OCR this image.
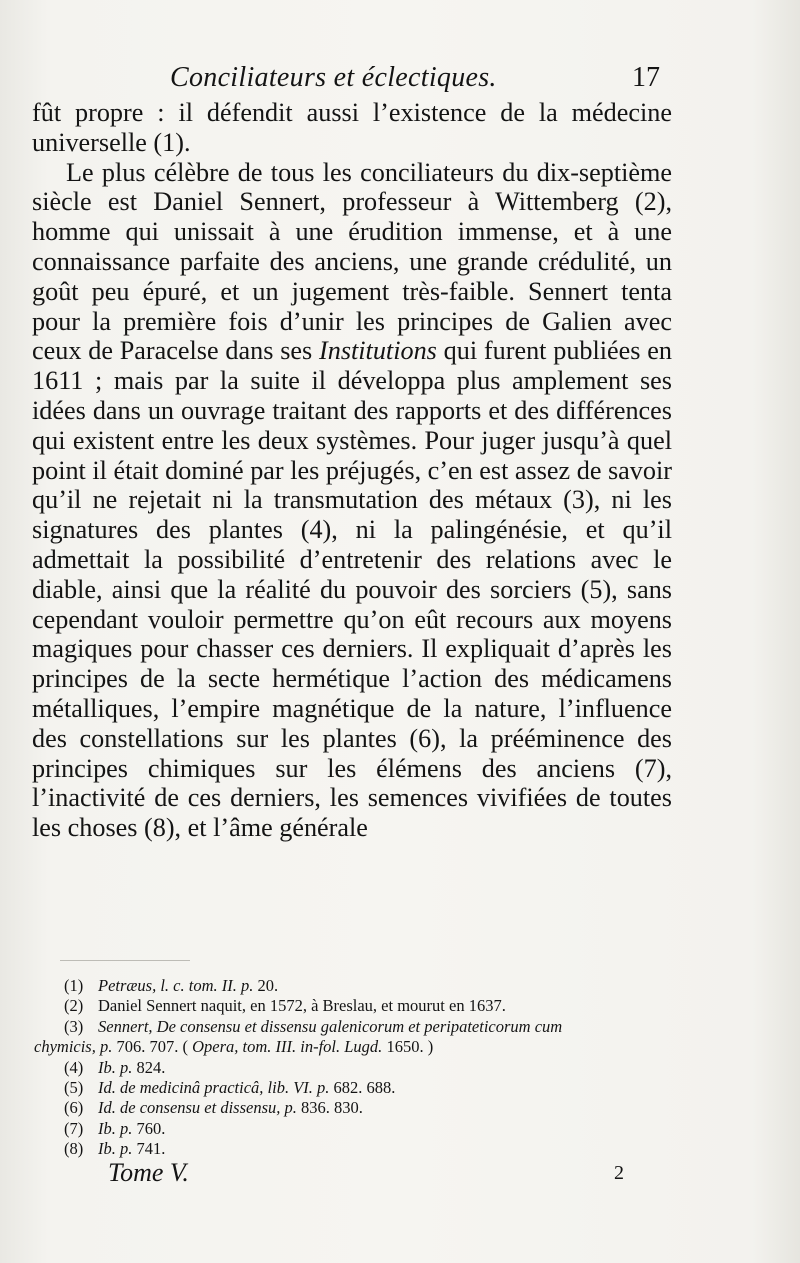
Conciliateurs et éclectiques.	17

fût propre : il défendit aussi l’existence de la médecine universelle (1).

Le plus célèbre de tous les conciliateurs du dix-septième siècle est Daniel Sennert, professeur à Wittemberg (2), homme qui unissait à une érudition immense, et à une connaissance parfaite des anciens, une grande crédulité, un goût peu épuré, et un jugement très-faible. Sennert tenta pour la première fois d’unir les principes de Galien avec ceux de Paracelse dans ses Institutions qui furent publiées en 1611 ; mais par la suite il développa plus amplement ses idées dans un ouvrage traitant des rapports et des différences qui existent entre les deux systèmes. Pour juger jusqu’à quel point il était dominé par les préjugés, c’en est assez de savoir qu’il ne rejetait ni la transmutation des métaux (3), ni les signatures des plantes (4), ni la palingénésie, et qu’il admettait la possibilité d’entretenir des relations avec le diable, ainsi que la réalité du pouvoir des sorciers (5), sans cependant vouloir permettre qu’on eût recours aux moyens magiques pour chasser ces derniers. Il expliquait d’après les principes de la secte hermétique l’action des médicamens métalliques, l’empire magnétique de la nature, l’influence des constellations sur les plantes (6), la prééminence des principes chimiques sur les élémens des anciens (7), l’inactivité de ces derniers, les semences vivifiées de toutes les choses (8), et l’âme générale

(1) Petræus, l. c. tom. II. p. 20.
(2) Daniel Sennert naquit, en 1572, à Breslau, et mourut en 1637.
(3) Sennert, De consensu et dissensu galenicorum et peripateticorum cum
chymicis, p. 706. 707. ( Opera, tom. III. in-fol. Lugd. 1650. )
(4) Ib. p. 824.
(5) Id. de medicinâ practicâ, lib. VI. p. 682. 688.
(6) Id. de consensu et dissensu, p. 836. 830.
(7) Ib. p. 760.
(8) Ib. p. 741.
Tome V.	2
